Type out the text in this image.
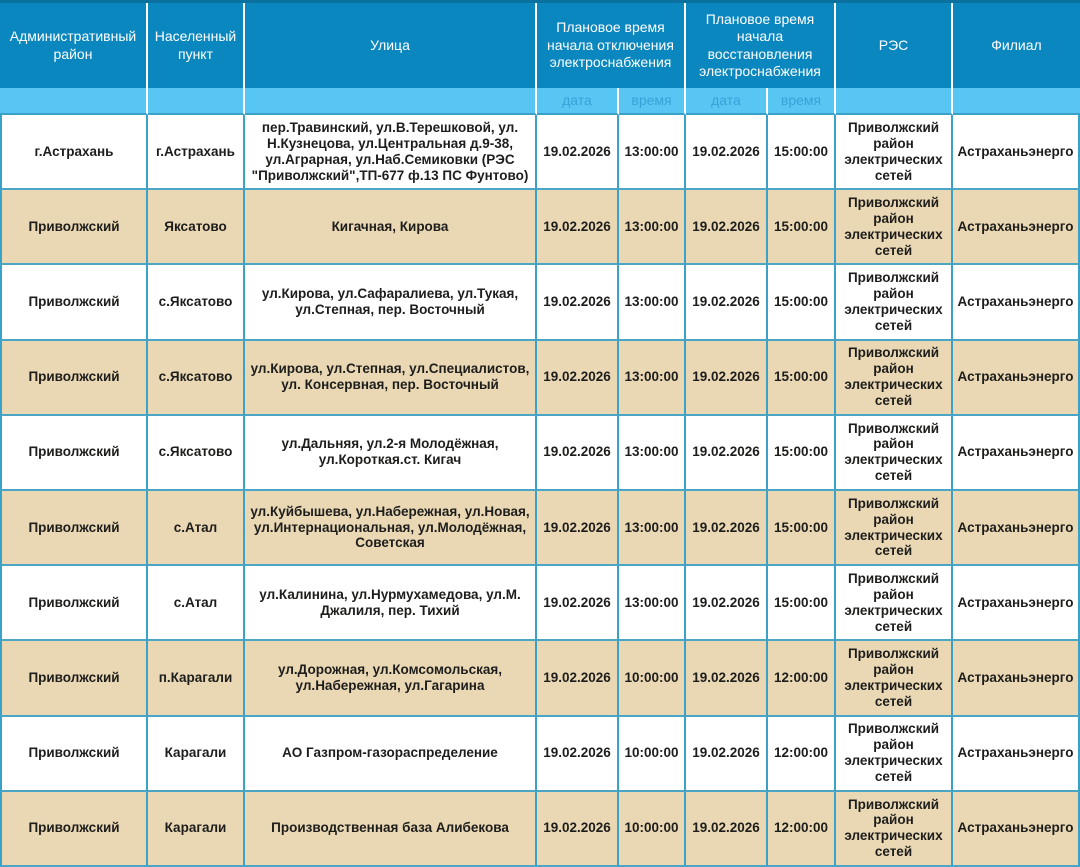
Административный район	Населенный пункт	Улица	Плановое время начала отключения электроснабжения		Плановое время начала восстановления электроснабжения		РЭС	Филиал
			дата	время	дата	время		
г.Астрахань	г.Астрахань	пер.Травинский, ул.В.Терешковой, ул. Н.Кузнецова, ул.Центральная д.9-38, ул.Аграрная, ул.Наб.Семиковки (РЭС "Приволжский",ТП-677 ф.13 ПС Фунтово)	19.02.2026	13:00:00	19.02.2026	15:00:00	Приволжский район электрических сетей	Астраханьэнерго
Приволжский	Яксатово	Кигачная, Кирова	19.02.2026	13:00:00	19.02.2026	15:00:00	Приволжский район электрических сетей	Астраханьэнерго
Приволжский	с.Яксатово	ул.Кирова, ул.Сафаралиева, ул.Тукая, ул.Степная, пер. Восточный	19.02.2026	13:00:00	19.02.2026	15:00:00	Приволжский район электрических сетей	Астраханьэнерго
Приволжский	с.Яксатово	ул.Кирова, ул.Степная, ул.Специалистов, ул. Консервная, пер. Восточный	19.02.2026	13:00:00	19.02.2026	15:00:00	Приволжский район электрических сетей	Астраханьэнерго
Приволжский	с.Яксатово	ул.Дальняя, ул.2-я Молодёжная, ул.Короткая.ст. Кигач	19.02.2026	13:00:00	19.02.2026	15:00:00	Приволжский район электрических сетей	Астраханьэнерго
Приволжский	с.Атал	ул.Куйбышева, ул.Набережная, ул.Новая, ул.Интернациональная, ул.Молодёжная, Советская	19.02.2026	13:00:00	19.02.2026	15:00:00	Приволжский район электрических сетей	Астраханьэнерго
Приволжский	с.Атал	ул.Калинина, ул.Нурмухамедова, ул.М. Джалиля, пер. Тихий	19.02.2026	13:00:00	19.02.2026	15:00:00	Приволжский район электрических сетей	Астраханьэнерго
Приволжский	п.Карагали	ул.Дорожная, ул.Комсомольская, ул.Набережная, ул.Гагарина	19.02.2026	10:00:00	19.02.2026	12:00:00	Приволжский район электрических сетей	Астраханьэнерго
Приволжский	Карагали	АО Газпром-газораспределение	19.02.2026	10:00:00	19.02.2026	12:00:00	Приволжский район электрических сетей	Астраханьэнерго
Приволжский	Карагали	Производственная база Алибекова	19.02.2026	10:00:00	19.02.2026	12:00:00	Приволжский район электрических сетей	Астраханьэнерго
